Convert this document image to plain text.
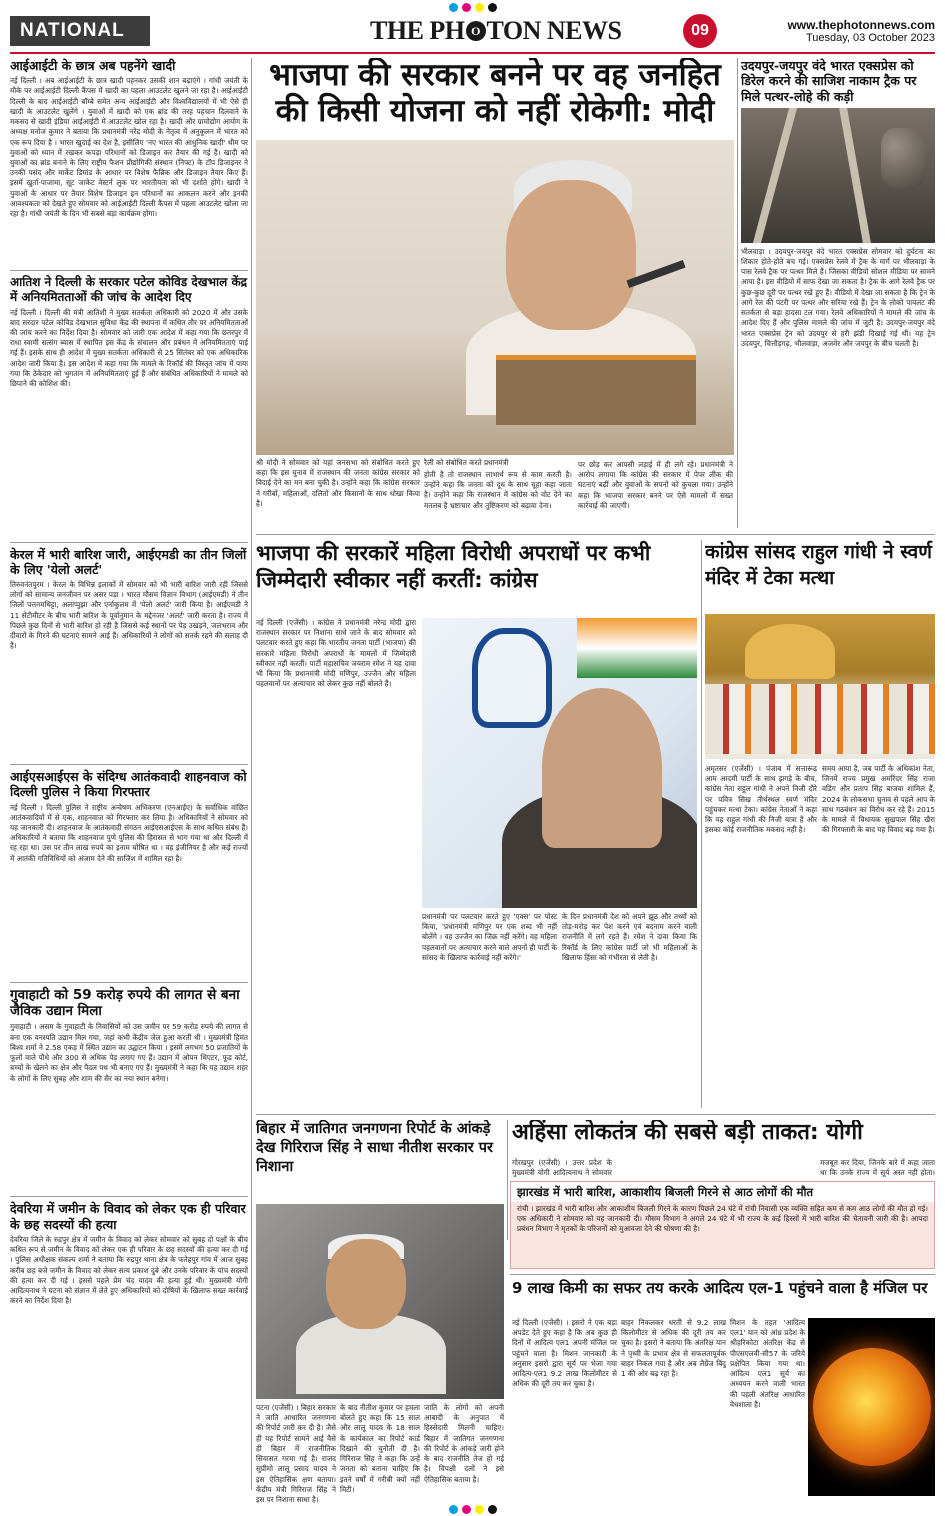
NATIONAL	THE PH O TON NEWS	09	www.thephotonnews.com
Tuesday, 03 October 2023
आईआईटी के छात्र अब पहनेंगे खादी
नई दिल्ली । अब आईआईटी के छात्र खादी पहनकर उसकी शान बढ़ाएंगे । गांधी जयंती के मौके पर आईआईटी दिल्ली कैंपस में खादी का पहला आउटलेट खुलने जा रहा है। आईआईटी दिल्ली के बाद आईआईटी बॉम्बे समेत अन्य आईआईटी और विश्वविद्यालयों में भी ऐसे ही खादी के आउटलेट खुलेंगे । युवाओं में खादी को एक ब्रांड की तरह पहचान दिलवाने के मकसद से खादी इंडिया आईआईटी में आउटलेट खोल रहा है। खादी और ग्रामोद्योग आयोग के अध्यक्ष मनोज कुमार ने बताया कि प्रधानमंत्री नरेंद्र मोदी के नेतृत्व में अनुकूलन में भारत को एक रूप दिया है । भारत खुदाई का देश है, इसीलिए 'नए भारत की आधुनिक खादी' थीम पर युवाओं को ध्यान में रखकर कपड़ा परिधानों को डिजाइन कर तैयार की गई है। खादी को युवाओं का ब्रांड बनाने के लिए राष्ट्रीय फैशन प्रौद्योगिकी संस्थान (निफ्ट) के टॉप डिजाइनर ने उनकी पसंद और मार्केट डिमांड के आधार पर विशेष फैब्रिक और डिजाइन तैयार किए हैं। इसमें खुर्ता-पाजामा, सूट जाकेट वेस्टर्न लुक पर भारतीयता को भी दर्शाते होंगे। खादी ने युवाओं के आधार पर तैयार विशेष डिजाइन इन परिधानों का आकलन करने और इनकी आवश्यकता को देखते हुए सोमवार को आईआईटी दिल्ली कैंपस में पहला आउटलेट खोला जा रहा है। गांधी जयंती के दिन भी सबसे बड़ा कार्यक्रम होगा।
आतिश ने दिल्ली के सरकार पटेल कोविड देखभाल केंद्र में अनियमितताओं की जांच के आदेश दिए
नई दिल्ली । दिल्ली की मंत्री आतिशी ने मुख्य सतर्कता अधिकारी को 2020 में और उसके बाद सरदार पटेल कोविड देखभाल सुविधा केंद्र की स्थापना में कथित तौर पर अनियमितताओं की जांच करने का निर्देश दिया है। सोमवार को जारी एक आदेश में कहा गया कि छतरपुर में राधा स्वामी सत्संग ब्यास में स्थापित इस केंद्र के संचालन और प्रबंधन में अनियमितताएं पाई गई हैं। इसके साथ ही आदेश में मुख्य सतर्कता अधिकारी से 25 सितंबर को एक अधिकारिक आदेश जारी किया है। इस आदेश में कहा गया कि मामले के रिकॉर्ड की विस्तृत जांच में पाया गया कि ठेकेदार को भुगतान में अनियमितताएं हुई हैं और संबंधित अधिकारियों ने मामले को छिपाने की कोशिश की।
केरल में भारी बारिश जारी, आईएमडी का तीन जिलों के लिए 'येलो अलर्ट'
तिरुवनंतपुरम । केरल के विभिन्न इलाकों में सोमवार को भी भारी बारिश जारी रही जिससे लोगों को सामान्य जनजीवन पर असर पड़ा । भारत मौसम विज्ञान विभाग (आईएमडी) ने तीन जिलों पत्तनमथिट्टा, अलाप्पुझा और एर्नाकुलम में 'येलो अलर्ट' जारी किया है। आईएमडी ने 11 सेंटीमीटर के बीच भारी बारिश के पूर्वानुमान के मद्देनजर 'अलर्ट' जारी करता है। राज्य में पिछले कुछ दिनों से भारी बारिश हो रही है जिससे कई स्थानों पर पेड़ उखड़ने, जलभराव और दीवारों के गिरने की घटनाएं सामने आई हैं। अधिकारियों ने लोगों को सतर्क रहने की सलाह दी है।
आईएसआईएस के संदिग्ध आतंकवादी शाहनवाज को दिल्ली पुलिस ने किया गिरफ्तार
नई दिल्ली । दिल्ली पुलिस ने राष्ट्रीय अन्वेषण अभिकरण (एनआईए) के सर्वाधिक वांछित आतंकवादियों में से एक, शाहनवाज को गिरफ्तार कर लिया है। अधिकारियों ने सोमवार को यह जानकारी दी। शाहनवाज के आतंकवादी संगठन आईएसआईएस के साथ कथित संबंध हैं। अधिकारियों ने बताया कि शाहनवाज पुणे पुलिस की हिरासत से भाग गया था और दिल्ली में रह रहा था। उस पर तीन लाख रुपये का इनाम घोषित था । वह इंजीनियर है और कई राज्यों में आतंकी गतिविधियों को अंजाम देने की साजिश में शामिल रहा है।
गुवाहाटी को 59 करोड़ रुपये की लागत से बना जैविक उद्यान मिला
गुवाहाटी । असम के गुवाहाटी के निवासियों को उस जमीन पर 59 करोड़ रुपये की लागत से बना एक वनस्पति उद्यान मिल गया, जहां कभी केंद्रीय जेल हुआ करती थी । मुख्यमंत्री हिमंत बिश्व शर्मा ने 2.58 एकड़ में स्थित उद्यान का उद्घाटन किया । इसमें लगभग 50 प्रजातियों के फूलों वाले पौधे और 300 से अधिक पेड़ लगाए गए हैं। उद्यान में ओपन थिएटर, फूड कोर्ट, बच्चों के खेलने का क्षेत्र और पैदल पथ भी बनाए गए हैं। मुख्यमंत्री ने कहा कि यह उद्यान शहर के लोगों के लिए सुबह और शाम की सैर का नया स्थान बनेगा।
देवरिया में जमीन के विवाद को लेकर एक ही परिवार के छह सदस्यों की हत्या
देवरिया जिले के रुद्रपुर क्षेत्र में जमीन के विवाद को लेकर सोमवार को सुबह दो पक्षों के बीच कथित रूप से जमीन के विवाद को लेकर एक ही परिवार के छह सदस्यों की हत्या कर दी गई । पुलिस अधीक्षक संकल्प शर्मा ने बताया कि रुद्रपुर थाना क्षेत्र के फतेहपुर गांव में आज सुबह करीब छह बजे जमीन के विवाद को लेकर सत्य प्रकाश दुबे और उनके परिवार के पांच सदस्यों की हत्या कर दी गई । इससे पहले प्रेम चंद यादव की हत्या हुई थी। मुख्यमंत्री योगी आदित्यनाथ ने घटना को संज्ञान में लेते हुए अधिकारियों को दोषियों के खिलाफ सख्त कार्रवाई करने का निर्देश दिया है।
भाजपा की सरकार बनने पर वह जनहित की किसी योजना को नहीं रोकेगी: मोदी
रैली को संबोधित करते प्रधानमंत्री
होती है तो राजस्थान लाभार्थ रूप से काम करती है। उन्होंने कहा कि जनता को दूध के साथ चूहा कहा जाता है। उन्होंने कहा कि राजस्थान में कांग्रेस को वोट देने का मतलब है भ्रष्टाचार और तुष्टिकरण को बढ़ावा देना।
पर छोड़ कर आपसी लड़ाई में ही लगे रहे। प्रधानमंत्री ने आरोप लगाया कि कांग्रेस की सरकार में पेपर लीक की घटनाएं बढ़ीं और युवाओं के सपनों को कुचला गया। उन्होंने कहा कि भाजपा सरकार बनने पर ऐसे मामलों में सख्त कार्रवाई की जाएगी।
श्री मोदी ने सोमवार को यहां जनसभा को संबोधित करते हुए कहा कि इस चुनाव में राजस्थान की जनता कांग्रेस सरकार को विदाई देने का मन बना चुकी है। उन्होंने कहा कि कांग्रेस सरकार ने गरीबों, महिलाओं, दलितों और किसानों के साथ धोखा किया है।
उदयपुर-जयपुर वंदे भारत एक्सप्रेस को डिरेल करने की साजिश नाकाम ट्रैक पर मिले पत्थर-लोहे की कड़ी
भीलवाड़ा । उदयपुर-जयपुर वंदे भारत एक्सप्रेस सोमवार को दुर्घटना का शिकार होते-होते बच गई। एक्सप्रेस रेलवे में ट्रैक के मार्ग पर भीलवाड़ा के पास रेलवे ट्रैक पर पत्थर मिले हैं। जिसका वीडियो सोशल मीडिया पर सामने आया है। इस वीडियो में साफ देखा जा सकता है। ट्रैक के आगे रेलवे ट्रैक पर कुछ-कुछ दूरी पर पत्थर रखे हुए हैं। वीडियो में देखा जा सकता है कि ट्रेन के आगे रेल की पटरी पर पत्थर और सरिया रखे हैं। ट्रेन के लोको पायलट की सतर्कता से बड़ा हादसा टल गया। रेलवे अधिकारियों ने मामले की जांच के आदेश दिए हैं और पुलिस मामले की जांच में जुटी है। उदयपुर-जयपुर वंदे भारत एक्सप्रेस ट्रेन को उदयपुर से हरी झंडी दिखाई गई थी। यह ट्रेन उदयपुर, चित्तौड़गढ़, भीलवाड़ा, अजमेर और जयपुर के बीच चलती है।
भाजपा की सरकारें महिला विरोधी अपराधों पर कभी जिम्मेदारी स्वीकार नहीं करतीं: कांग्रेस
नई दिल्ली (एजेंसी) । कांग्रेस ने प्रधानमंत्री नरेन्द्र मोदी द्वारा राजस्थान सरकार पर निशाना साधे जाने के बाद सोमवार को पलटवार करते हुए कहा कि भारतीय जनता पार्टी (भाजपा) की सरकारें महिला विरोधी अपराधों के मामलों में जिम्मेदारी स्वीकार नहीं करतीं। पार्टी महासचिव जयराम रमेश ने यह दावा भी किया कि प्रधानमंत्री मोदी मणिपुर, उज्जैन और महिला पहलवानों पर अत्याचार को लेकर कुछ नहीं बोलते हैं।
प्रधानमंत्री पर पलटवार करते हुए 'एक्स' पर पोस्ट किया, 'प्रधानमंत्री मणिपुर पर एक शब्द भी नहीं बोलेंगे । वह उज्जैन का जिक्र नहीं करेंगे। वह महिला पहलवानों पर अत्याचार करने वाले अपनों ही पार्टी के सांसद के खिलाफ कार्रवाई नहीं करेंगे।'
के दिन प्रधानमंत्री देश को अपने झूठ और तथ्यों को तोड़-मरोड़ कर पेश करने एवं बदनाम करने वाली राजनीति में लगे रहते हैं। रमेश ने दावा किया कि रिकॉर्ड के लिए कांग्रेस पार्टी जो भी महिलाओं के खिलाफ हिंसा को गंभीरता से लेती है।
कांग्रेस सांसद राहुल गांधी ने स्वर्ण मंदिर में टेका मत्था
अमृतसर (एजेंसी) । पंजाब में सत्तारूढ़ आम आदमी पार्टी के साथ झगड़े के बीच, कांग्रेस नेता राहुल गांधी ने अपने निजी दौरे पर पवित्र सिख तीर्थस्थल स्वर्ण मंदिर पहुंचकर मत्था टेका। कांग्रेस नेताओं ने कहा कि यह राहुल गांधी की निजी यात्रा है और इसका कोई राजनीतिक मकसद नहीं है।
समय आया है, जब पार्टी के अधिकांश नेता, जिनमें राज्य प्रमुख अमरिंदर सिंह राजा वडिंग और प्रताप सिंह बाजवा शामिल हैं, 2024 के लोकसभा चुनाव से पहले आप के साथ गठबंधन का विरोध कर रहे हैं। 2015 के मामले में विधायक सुखपाल सिंह खैरा की गिरफ्तारी के बाद यह विवाद बढ़ गया है।
बिहार में जातिगत जनगणना रिपोर्ट के आंकड़े देख गिरिराज सिंह ने साधा नीतीश सरकार पर निशाना
पटना (एजेंसी) । बिहार सरकार ने जाति आधारित जनगणना की रिपोर्ट जारी कर दी है। जैसे ही यह रिपोर्ट सामने आई वैसे ही बिहार में राजनीतिक सियासत गरमा गई है। राजद सुप्रीमो लालू प्रसाद यादव ने इस ऐतिहासिक क्षण बताया। केंद्रीय मंत्री गिरिराज सिंह ने इस पर निशाना साधा है।
के बाद नीतीश कुमार पर हमला बोलते हुए कहा कि 15 साल और लालू यादव के 18 साल के कार्यकाल का रिपोर्ट कार्ड दिखाने की चुनौती दी है। गिरिराज सिंह ने कहा कि उन्हें जनता को बताना चाहिए कि इतने वर्षों में गरीबी क्यों नहीं मिटी।
जाति के लोगों को अपनी आबादी के अनुपात में हिस्सेदारी मिलनी चाहिए। बिहार में जातिगत जनगणना की रिपोर्ट के आंकड़े जारी होने के बाद राजनीति तेज हो गई है। विपक्षी दलों ने इसे ऐतिहासिक बताया है।
अहिंसा लोकतंत्र की सबसे बड़ी ताकत: योगी
गोरखपुर (एजेंसी) । उत्तर प्रदेश के मुख्यमंत्री योगी आदित्यनाथ ने सोमवार
मजबूत कर दिया, जिनके बारे में कहा जाता था कि उनके राज्य में सूर्य अस्त नहीं होता।
झारखंड में भारी बारिश, आकाशीय बिजली गिरने से आठ लोगों की मौत
रांची । झारखंड में भारी बारिश और आकाशीय बिजली गिरने के कारण पिछले 24 घंटे में रांची निवासी एक व्यक्ति सहित कम से कम आठ लोगों की मौत हो गई। एक अधिकारी ने सोमवार को यह जानकारी दी। मौसम विभाग ने अगले 24 घंटे में भी राज्य के कई हिस्सों में भारी बारिश की चेतावनी जारी की है। आपदा प्रबंधन विभाग ने मृतकों के परिजनों को मुआवजा देने की घोषणा की है।
9 लाख किमी का सफर तय करके आदित्य एल-1 पहुंचने वाला है मंजिल पर
नई दिल्ली (एजेंसी) । इसरो ने एक बड़ा अपडेट देते हुए कहा है कि अब कुछ ही दिनों में आदित्य एल1 अपनी मंजिल पर पहुंचने वाला है। मिशन जानकारी के अनुसार इसरो द्वारा सूर्य पर भेजा गया आदित्य-एल1 9.2 लाख किलोमीटर से अधिक की दूरी तय कर चुका है।
बाहर निकलकर धरती से 9.2 लाख किलोमीटर से अधिक की दूरी तय कर चुका है। इसरो ने बताया कि अंतरिक्ष यान ने पृथ्वी के प्रभाव क्षेत्र से सफलतापूर्वक बाहर निकल गया है और अब लैग्रेंज बिंदु 1 की ओर बढ़ रहा है।
मिशन के तहत 'आदित्य एल1' यान को आंध्र प्रदेश के श्रीहरिकोटा अंतरिक्ष केंद्र से पीएसएलवी-सी57 के जरिये प्रक्षेपित किया गया था। आदित्य एल1 सूर्य का अध्ययन करने वाली भारत की पहली अंतरिक्ष आधारित वेधशाला है।
